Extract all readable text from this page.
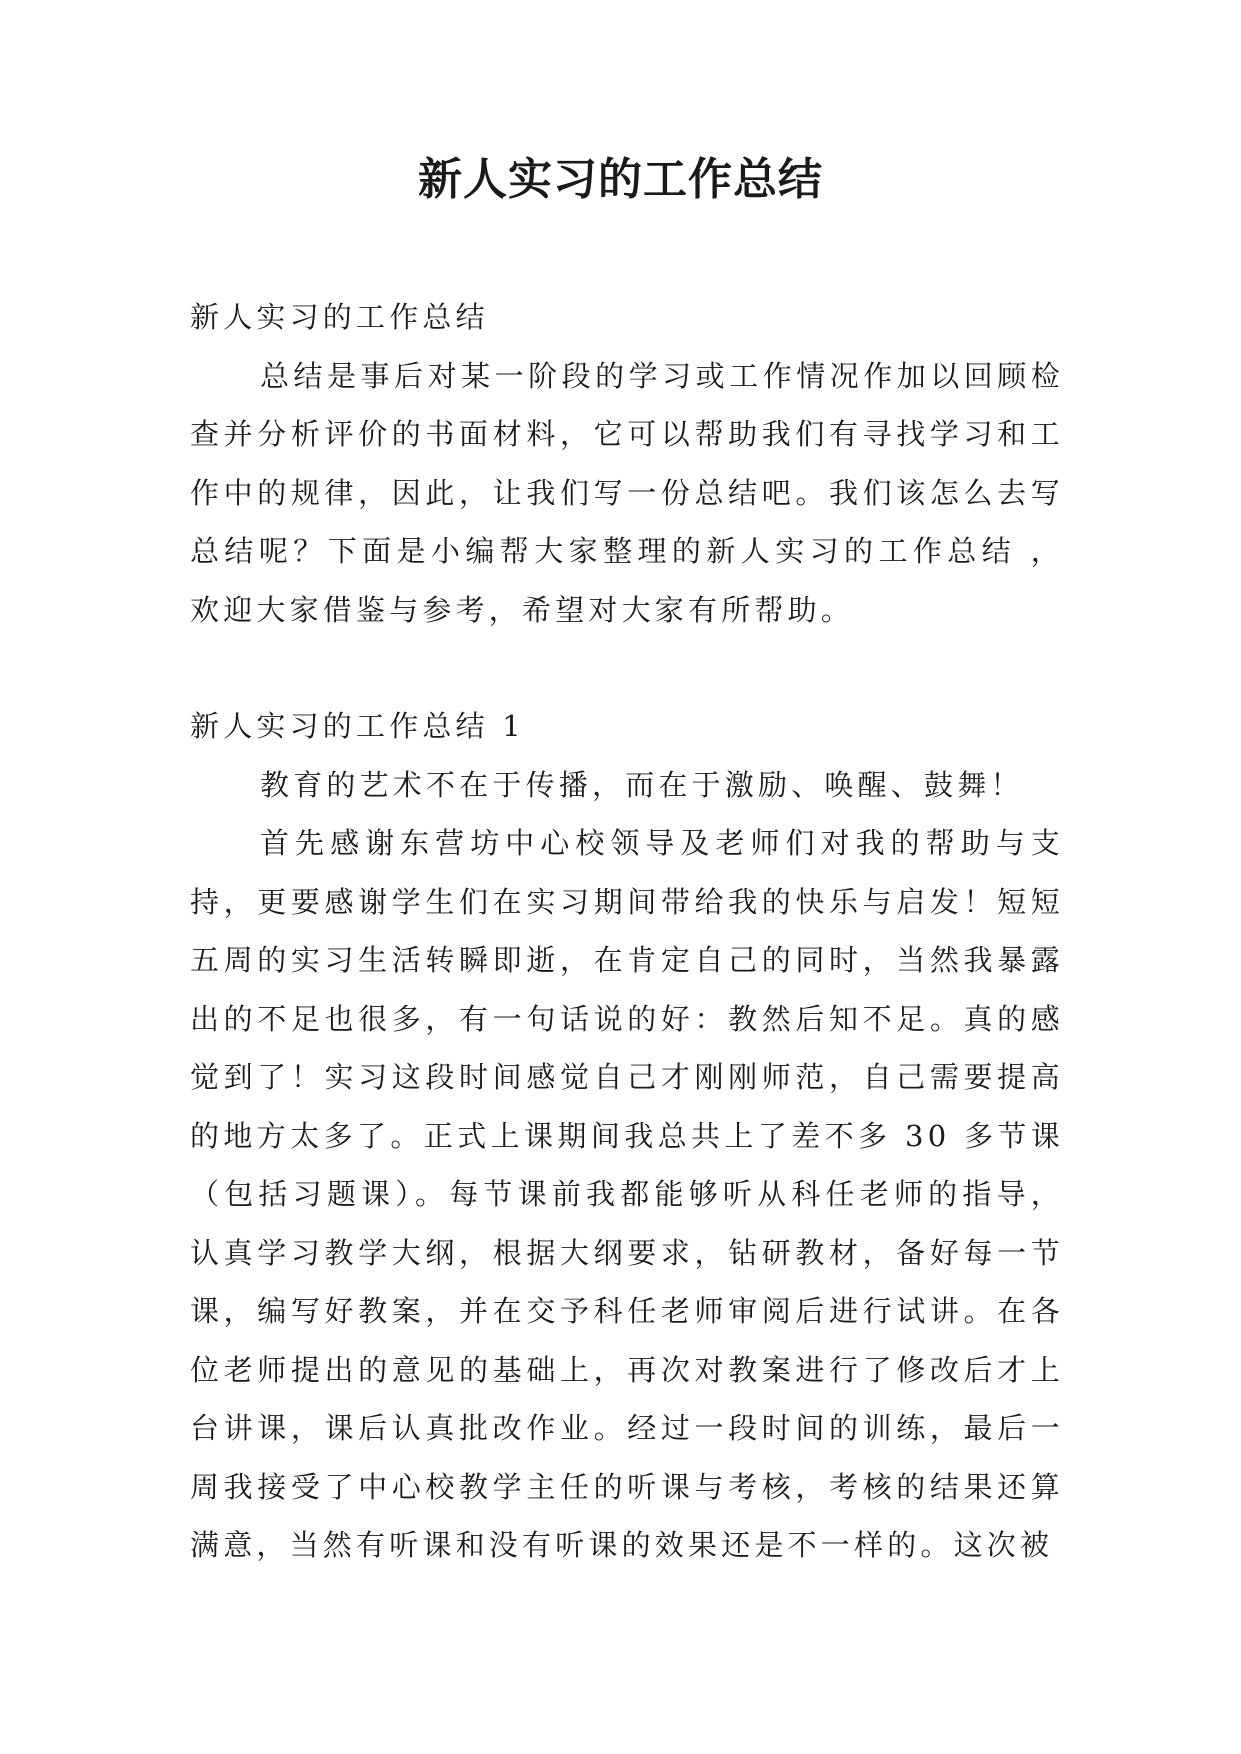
新人实习的工作总结

新人实习的工作总结

总结是事后对某一阶段的学习或工作情况作加以回顾检查并分析评价的书面材料，它可以帮助我们有寻找学习和工作中的规律，因此，让我们写一份总结吧。我们该怎么去写总结呢？下面是小编帮大家整理的新人实习的工作总结 ，欢迎大家借鉴与参考，希望对大家有所帮助。

新人实习的工作总结 1

教育的艺术不在于传播，而在于激励、唤醒、鼓舞！

首先感谢东营坊中心校领导及老师们对我的帮助与支持，更要感谢学生们在实习期间带给我的快乐与启发！短短五周的实习生活转瞬即逝，在肯定自己的同时，当然我暴露出的不足也很多，有一句话说的好：教然后知不足。真的感觉到了！实习这段时间感觉自己才刚刚师范，自己需要提高的地方太多了。正式上课期间我总共上了差不多 30 多节课（包括习题课）。每节课前我都能够听从科任老师的指导，认真学习教学大纲，根据大纲要求，钻研教材，备好每一节课，编写好教案，并在交予科任老师审阅后进行试讲。在各位老师提出的意见的基础上，再次对教案进行了修改后才上台讲课，课后认真批改作业。经过一段时间的训练，最后一周我接受了中心校教学主任的听课与考核，考核的结果还算满意，当然有听课和没有听课的效果还是不一样的。这次被
